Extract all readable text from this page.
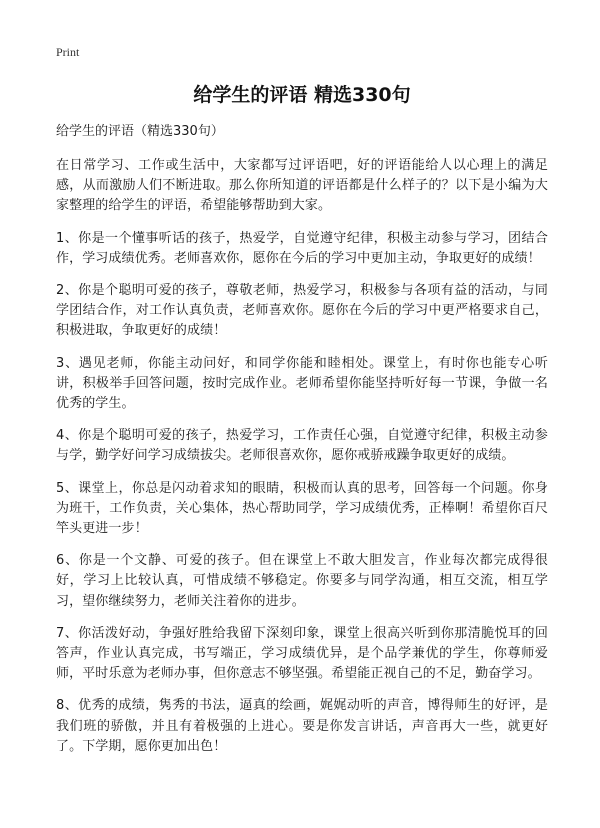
Print
给学生的评语 精选330句

给学生的评语（精选330句）

在日常学习、工作或生活中，大家都写过评语吧，好的评语能给人以心理上的满足感，从而激励人们不断进取。那么你所知道的评语都是什么样子的？以下是小编为大家整理的给学生的评语，希望能够帮助到大家。

1、你是一个懂事听话的孩子，热爱学，自觉遵守纪律，积极主动参与学习，团结合作，学习成绩优秀。老师喜欢你，愿你在今后的学习中更加主动，争取更好的成绩！

2、你是个聪明可爱的孩子，尊敬老师，热爱学习，积极参与各项有益的活动，与同学团结合作，对工作认真负责，老师喜欢你。愿你在今后的学习中更严格要求自己，积极进取，争取更好的成绩！

3、遇见老师，你能主动问好，和同学你能和睦相处。课堂上，有时你也能专心听讲，积极举手回答问题，按时完成作业。老师希望你能坚持听好每一节课，争做一名优秀的学生。

4、你是个聪明可爱的孩子，热爱学习，工作责任心强，自觉遵守纪律，积极主动参与学，勤学好问学习成绩拔尖。老师很喜欢你，愿你戒骄戒躁争取更好的成绩。

5、课堂上，你总是闪动着求知的眼睛，积极而认真的思考，回答每一个问题。你身为班干，工作负责，关心集体，热心帮助同学，学习成绩优秀，正棒啊！希望你百尺竿头更进一步！

6、你是一个文静、可爱的孩子。但在课堂上不敢大胆发言，作业每次都完成得很好，学习上比较认真，可惜成绩不够稳定。你要多与同学沟通，相互交流，相互学习，望你继续努力，老师关注着你的进步。

7、你活泼好动，争强好胜给我留下深刻印象，课堂上很高兴听到你那清脆悦耳的回答声，作业认真完成，书写端正，学习成绩优异，是个品学兼优的学生，你尊师爱师，平时乐意为老师办事，但你意志不够坚强。希望能正视自己的不足，勤奋学习。

8、优秀的成绩，隽秀的书法，逼真的绘画，娓娓动听的声音，博得师生的好评，是我们班的骄傲，并且有着极强的上进心。要是你发言讲话，声音再大一些，就更好了。下学期，愿你更加出色！
